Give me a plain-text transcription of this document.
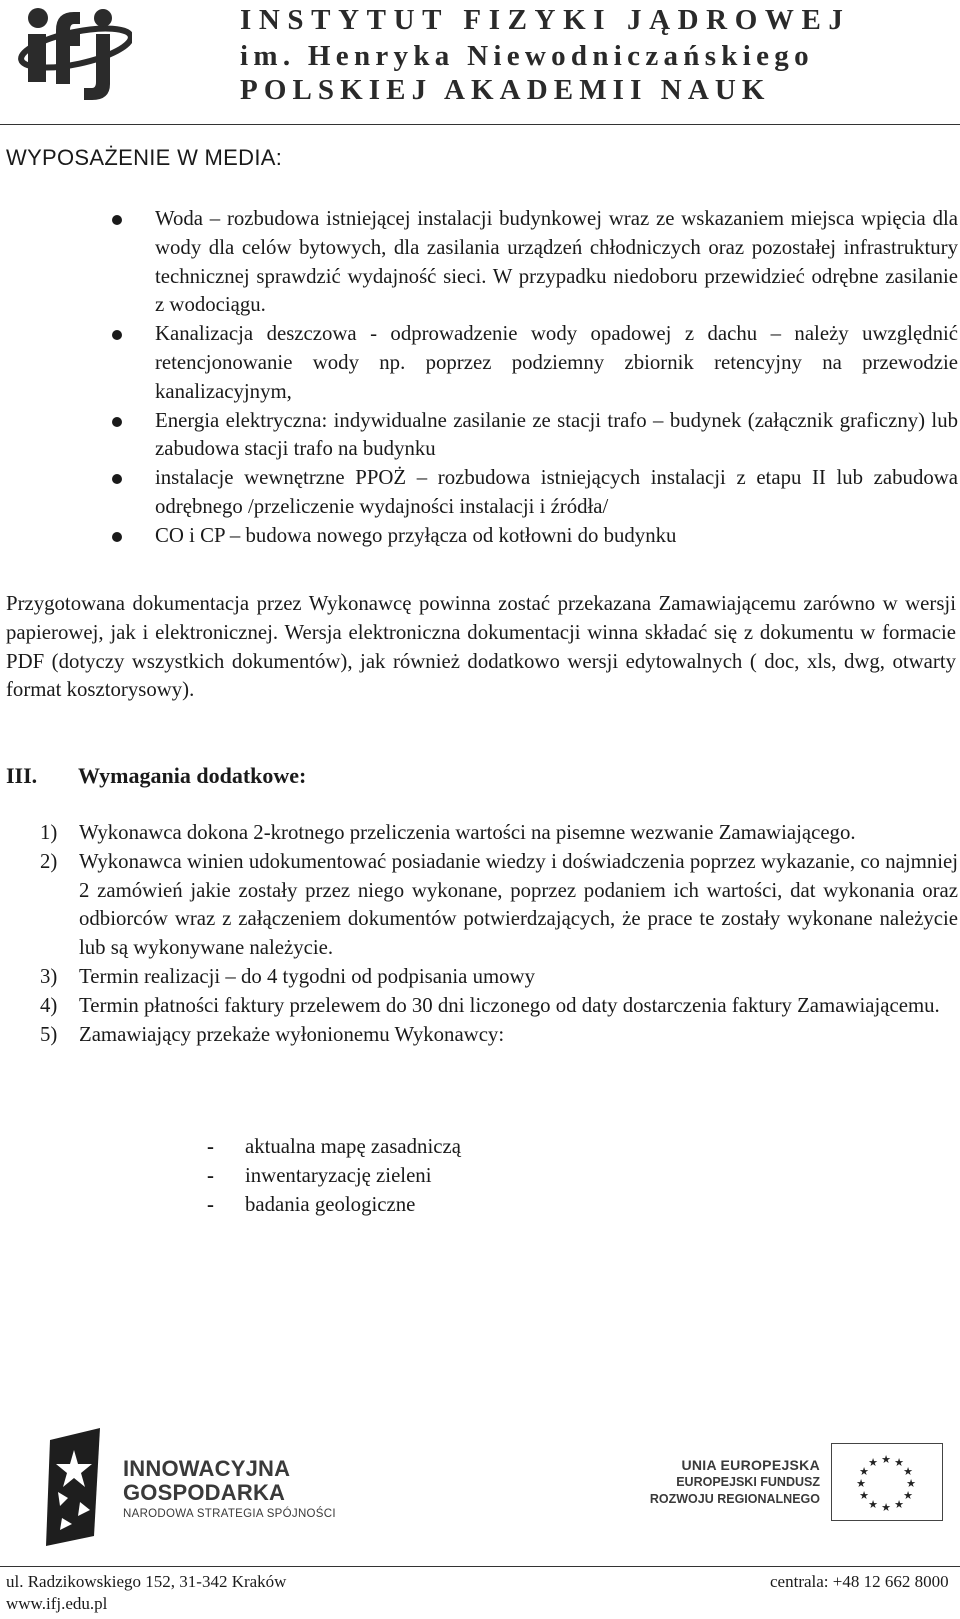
INSTYTUT FIZYKI JĄDROWEJ
im. Henryka Niewodniczańskiego
POLSKIEJ AKADEMII NAUK
WYPOSAŻENIE W MEDIA:
Woda – rozbudowa istniejącej instalacji budynkowej wraz ze wskazaniem miejsca wpięcia dla wody dla celów bytowych, dla zasilania urządzeń chłodniczych oraz pozostałej infrastruktury technicznej sprawdzić wydajność sieci. W przypadku niedoboru przewidzieć odrębne zasilanie z wodociągu.
Kanalizacja deszczowa - odprowadzenie wody opadowej z dachu – należy uwzględnić retencjonowanie wody np. poprzez podziemny zbiornik retencyjny na przewodzie kanalizacyjnym,
Energia elektryczna: indywidualne zasilanie ze stacji trafo – budynek (załącznik graficzny) lub zabudowa stacji trafo na budynku
instalacje wewnętrzne PPOŻ – rozbudowa istniejących instalacji z etapu II lub zabudowa odrębnego /przeliczenie wydajności instalacji i źródła/
CO i CP – budowa nowego przyłącza od kotłowni do budynku
Przygotowana dokumentacja przez Wykonawcę powinna zostać przekazana Zamawiającemu zarówno w wersji papierowej, jak i elektronicznej. Wersja elektroniczna dokumentacji winna składać się z dokumentu w formacie PDF (dotyczy wszystkich dokumentów), jak również dodatkowo wersji edytowalnych ( doc, xls, dwg, otwarty format kosztorysowy).
III. Wymagania dodatkowe:
1) Wykonawca dokona 2-krotnego przeliczenia wartości na pisemne wezwanie Zamawiającego.
2) Wykonawca winien udokumentować posiadanie wiedzy i doświadczenia poprzez wykazanie, co najmniej 2 zamówień jakie zostały przez niego wykonane, poprzez podaniem ich wartości, dat wykonania oraz odbiorców wraz z załączeniem dokumentów potwierdzających, że prace te zostały wykonane należycie lub są wykonywane należycie.
3) Termin realizacji – do 4 tygodni od podpisania umowy
4) Termin płatności faktury przelewem do 30 dni liczonego od daty dostarczenia faktury Zamawiającemu.
5) Zamawiający przekaże wyłonionemu Wykonawcy:
- aktualna mapę zasadniczą
- inwentaryzację zieleni
- badania geologiczne
INNOWACYJNA
GOSPODARKA
NARODOWA STRATEGIA SPÓJNOŚCI
UNIA EUROPEJSKA
EUROPEJSKI FUNDUSZ
ROZWOJU REGIONALNEGO
★ ★
★
★
★
★
★
★
★
★
★
★
ul. Radzikowskiego 152, 31-342 Kraków
www.ifj.edu.pl
centrala: +48 12 662 8000
